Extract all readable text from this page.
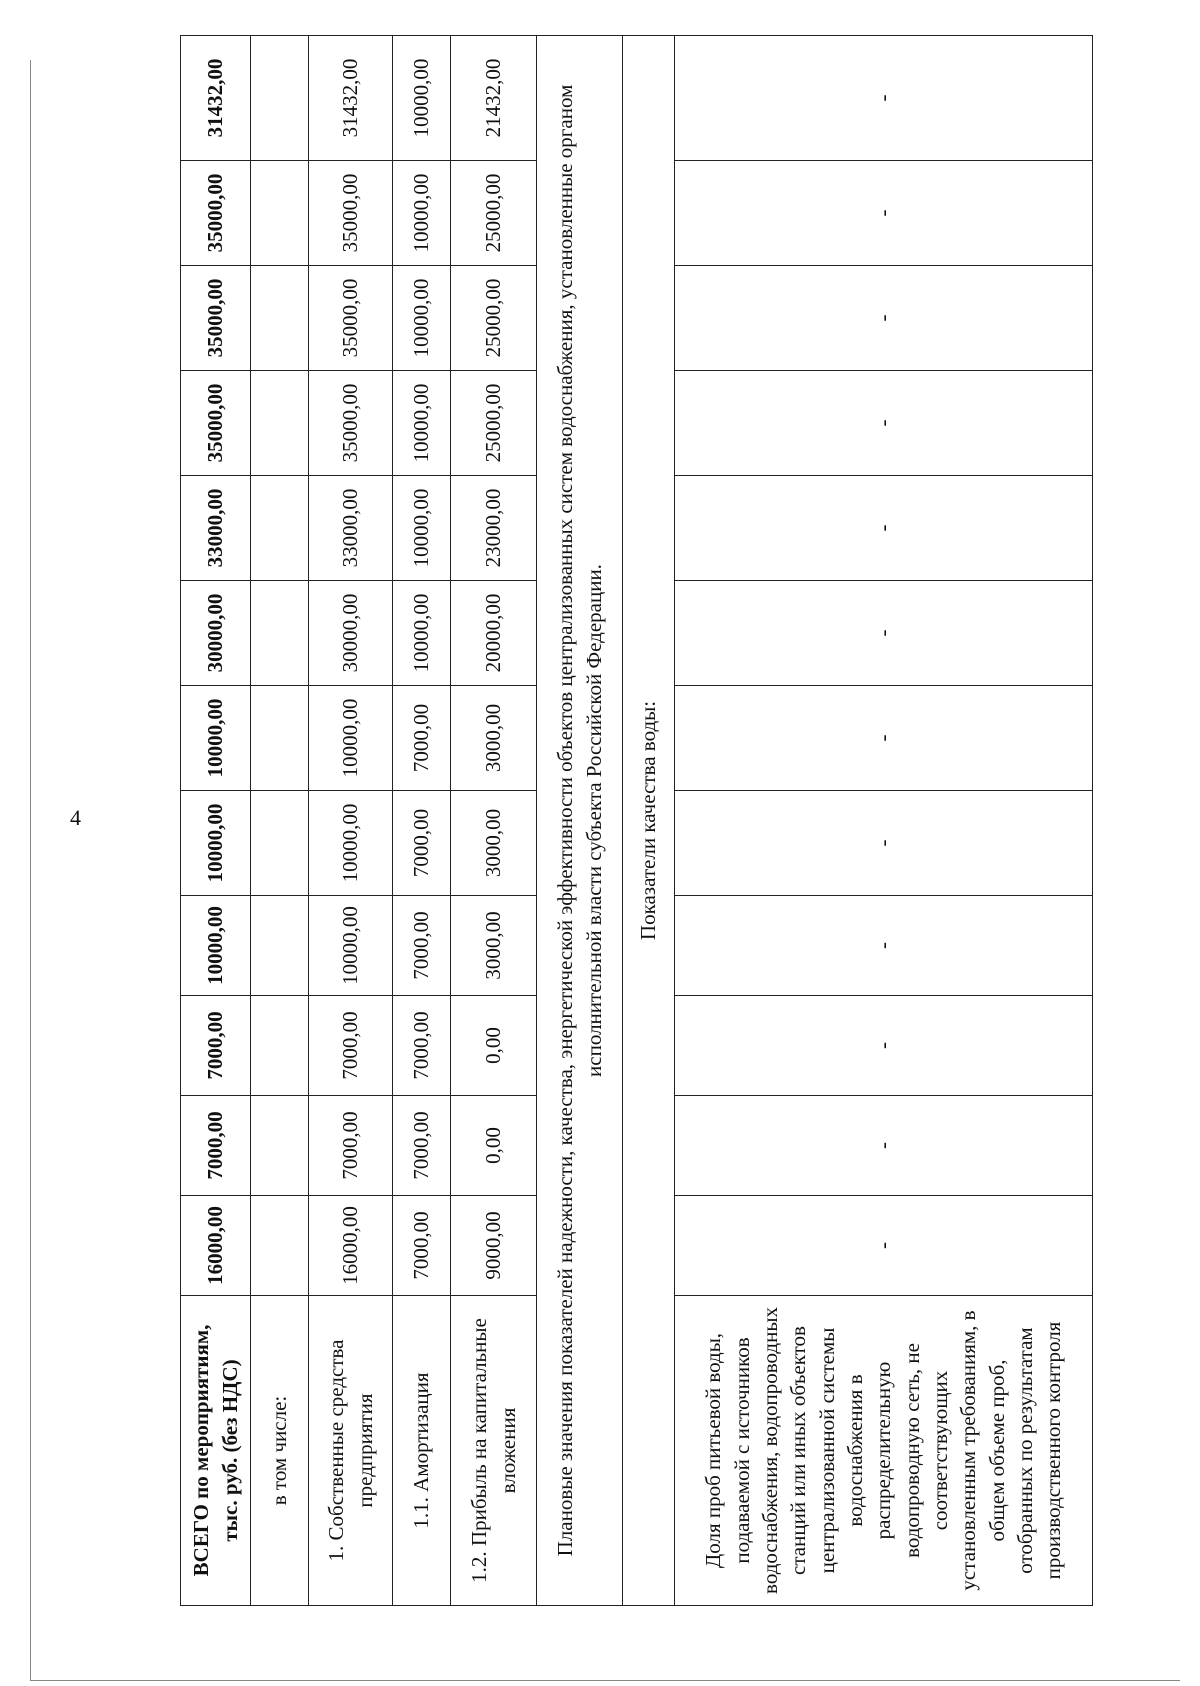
4
ВСЕГО по мероприятиям, тыс. руб. (без НДС)	16000,00	7000,00	7000,00	10000,00	10000,00	10000,00	30000,00	33000,00	35000,00	35000,00	35000,00	31432,00
в том числе:												
1. Собственные средства предприятия	16000,00	7000,00	7000,00	10000,00	10000,00	10000,00	30000,00	33000,00	35000,00	35000,00	35000,00	31432,00
1.1. Амортизация	7000,00	7000,00	7000,00	7000,00	7000,00	7000,00	10000,00	10000,00	10000,00	10000,00	10000,00	10000,00
1.2. Прибыль на капитальные вложения	9000,00	0,00	0,00	3000,00	3000,00	3000,00	20000,00	23000,00	25000,00	25000,00	25000,00	21432,00
Плановые значения показателей надежности, качества, энергетической эффективности объектов централизованных систем водоснабжения, установленные органом исполнительной власти субъекта Российской Федерации.												
Показатели качества воды:												
Доля проб питьевой воды, подаваемой с источников водоснабжения, водопроводных станций или иных объектов централизованной системы водоснабжения в распределительную водопроводную сеть, не соответствующих установленным требованиям, в общем объеме проб, отобранных по результатам производственного контроля	-	-	-	-	-	-	-	-	-	-	-	-
